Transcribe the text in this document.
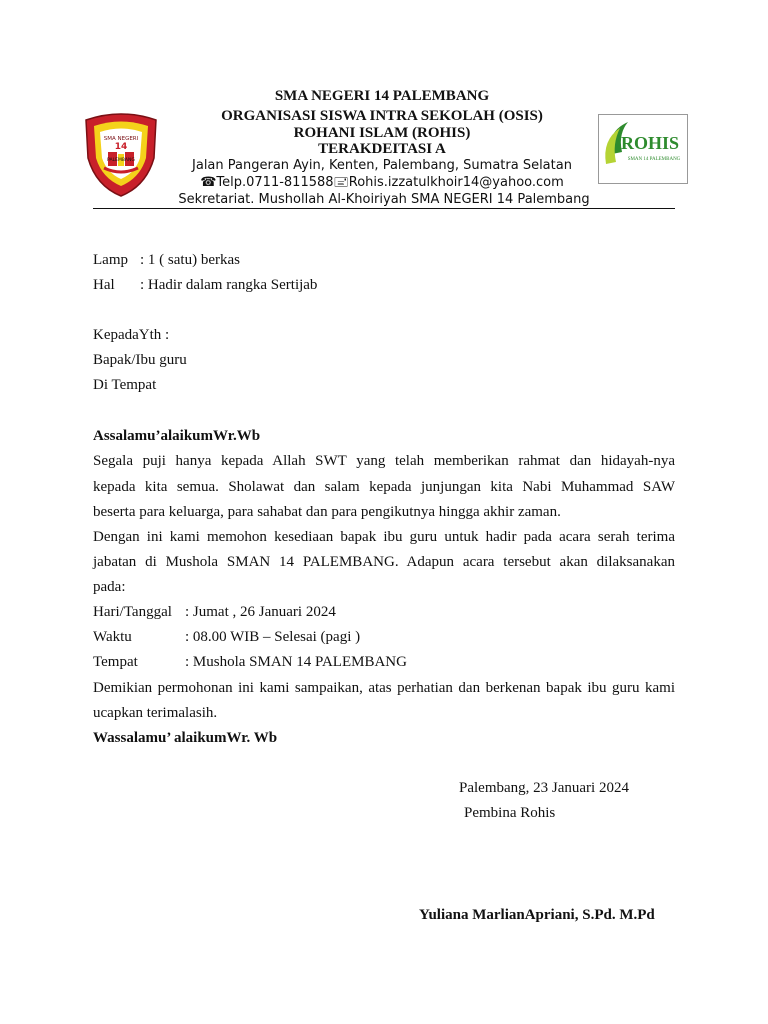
SMA NEGERI
14
PALEMBANG
ROHIS
SMAN 14 PALEMBANG
SMA NEGERI 14 PALEMBANG
ORGANISASI SISWA INTRA SEKOLAH (OSIS)
ROHANI ISLAM (ROHIS)
TERAKDEITASI A
Jalan Pangeran Ayin, Kenten, Palembang, Sumatra Selatan
☎Telp.0711-811588🖃Rohis.izzatulkhoir14@yahoo.com
Sekretariat. Mushollah Al-Khoiriyah SMA NEGERI 14 Palembang
Lamp : 1 ( satu) berkas
Hal : Hadir dalam rangka Sertijab
KepadaYth :
Bapak/Ibu guru
Di Tempat
Assalamu’alaikumWr.Wb
Segala puji hanya kepada Allah SWT yang telah memberikan rahmat dan hidayah-nya
kepada kita semua. Sholawat dan salam kepada junjungan kita Nabi Muhammad SAW
beserta para keluarga, para sahabat dan para pengikutnya hingga akhir zaman.
Dengan ini kami memohon kesediaan bapak ibu guru untuk hadir pada acara serah terima
jabatan di Mushola SMAN 14 PALEMBANG. Adapun acara tersebut akan dilaksanakan
pada:
Hari/Tanggal : Jumat , 26 Januari 2024
Waktu	: 08.00 WIB – Selesai (pagi )
Tempat	: Mushola SMAN 14 PALEMBANG
Demikian permohonan ini kami sampaikan, atas perhatian dan berkenan bapak ibu guru kami
ucapkan terimalasih.
Wassalamu’ alaikumWr. Wb
Palembang, 23 Januari 2024
Pembina Rohis
Yuliana MarlianApriani, S.Pd. M.Pd
